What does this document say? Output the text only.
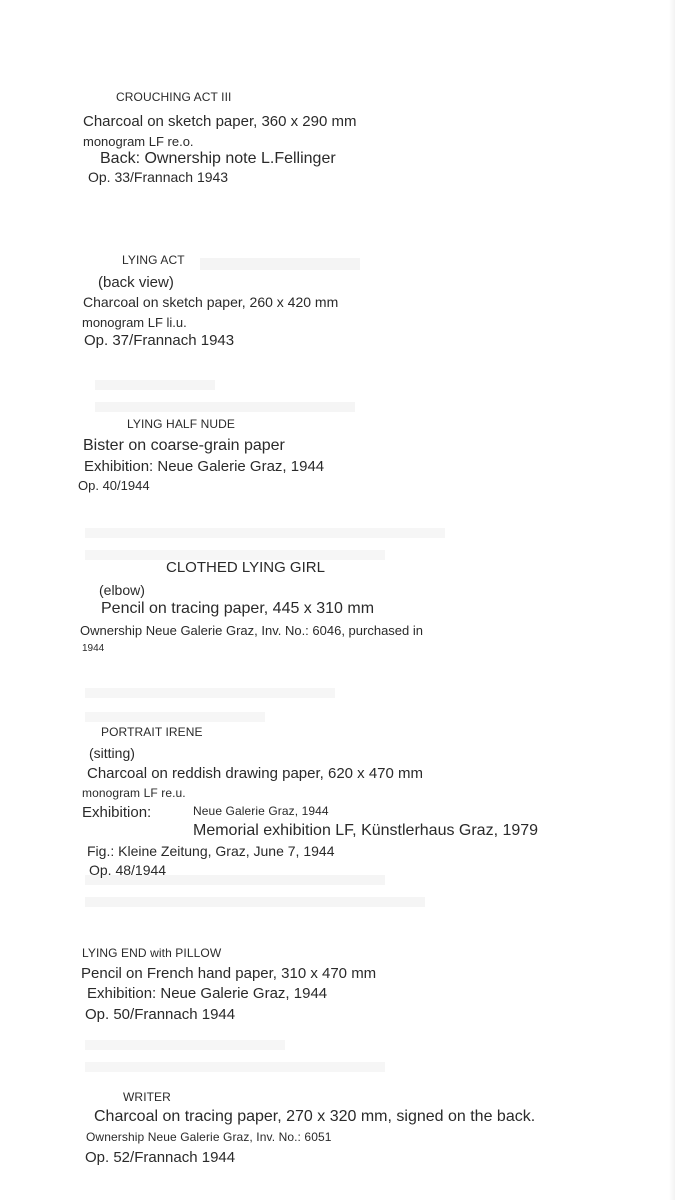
CROUCHING ACT III
Charcoal on sketch paper, 360 x 290 mm
monogram LF re.o.
Back: Ownership note L.Fellinger
Op. 33/Frannach 1943
LYING ACT
(back view)
Charcoal on sketch paper, 260 x 420 mm
monogram LF li.u.
Op. 37/Frannach 1943
LYING HALF NUDE
Bister on coarse-grain paper
Exhibition: Neue Galerie Graz, 1944
Op. 40/1944
CLOTHED LYING GIRL
(elbow)
Pencil on tracing paper, 445 x 310 mm
Ownership Neue Galerie Graz, Inv. No.: 6046, purchased in
1944
PORTRAIT IRENE
(sitting)
Charcoal on reddish drawing paper, 620 x 470 mm
monogram LF re.u.
Exhibition:	Neue Galerie Graz, 1944
Memorial exhibition LF, Künstlerhaus Graz, 1979
Fig.: Kleine Zeitung, Graz, June 7, 1944
Op. 48/1944
LYING END with PILLOW
Pencil on French hand paper, 310 x 470 mm
Exhibition: Neue Galerie Graz, 1944
Op. 50/Frannach 1944
WRITER
Charcoal on tracing paper, 270 x 320 mm, signed on the back.
Ownership Neue Galerie Graz, Inv. No.: 6051
Op. 52/Frannach 1944
